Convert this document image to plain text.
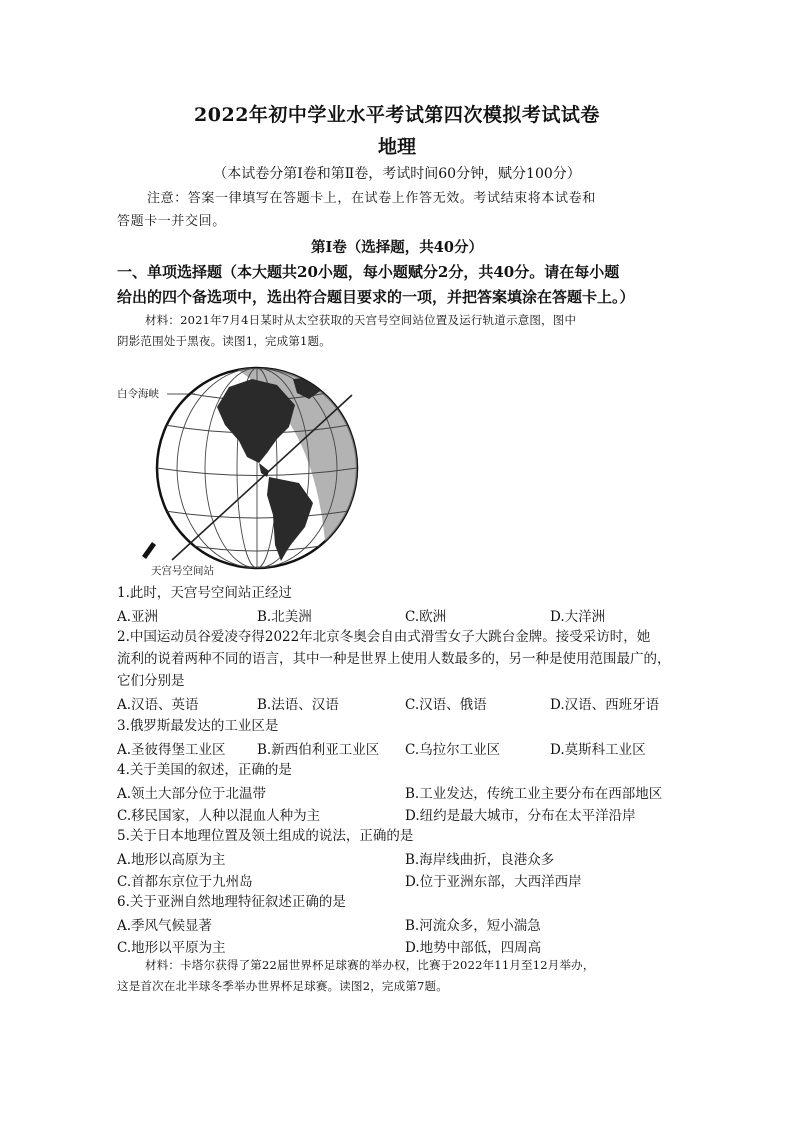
2022年初中学业水平考试第四次模拟考试试卷
地理
（本试卷分第Ⅰ卷和第Ⅱ卷，考试时间60分钟，赋分100分）
注意：答案一律填写在答题卡上，在试卷上作答无效。考试结束将本试卷和
答题卡一并交回。
第Ⅰ卷（选择题，共40分）
一、单项选择题（本大题共20小题，每小题赋分2分，共40分。请在每小题
给出的四个备选项中，选出符合题目要求的一项，并把答案填涂在答题卡上。）
材料：2021年7月4日某时从太空获取的天宫号空间站位置及运行轨道示意图，图中
阴影范围处于黑夜。读图1，完成第1题。
白令海峡
天宫号空间站
1.此时，天宫号空间站正经过
A.亚洲	B.北美洲	C.欧洲	D.大洋洲
2.中国运动员谷爱凌夺得2022年北京冬奥会自由式滑雪女子大跳台金牌。接受采访时，她
流利的说着两种不同的语言，其中一种是世界上使用人数最多的，另一种是使用范围最广的，
它们分别是
A.汉语、英语	B.法语、汉语	C.汉语、俄语	D.汉语、西班牙语
3.俄罗斯最发达的工业区是
A.圣彼得堡工业区 B.新西伯利亚工业区 C.乌拉尔工业区	D.莫斯科工业区
4.关于美国的叙述，正确的是
A.领土大部分位于北温带	B.工业发达，传统工业主要分布在西部地区
C.移民国家，人种以混血人种为主	D.纽约是最大城市，分布在太平洋沿岸
5.关于日本地理位置及领土组成的说法，正确的是
A.地形以高原为主	B.海岸线曲折，良港众多
C.首都东京位于九州岛	D.位于亚洲东部，大西洋西岸
6.关于亚洲自然地理特征叙述正确的是
A.季风气候显著	B.河流众多，短小湍急
C.地形以平原为主	D.地势中部低，四周高
材料：卡塔尔获得了第22届世界杯足球赛的举办权，比赛于2022年11月至12月举办，
这是首次在北半球冬季举办世界杯足球赛。读图2，完成第7题。
